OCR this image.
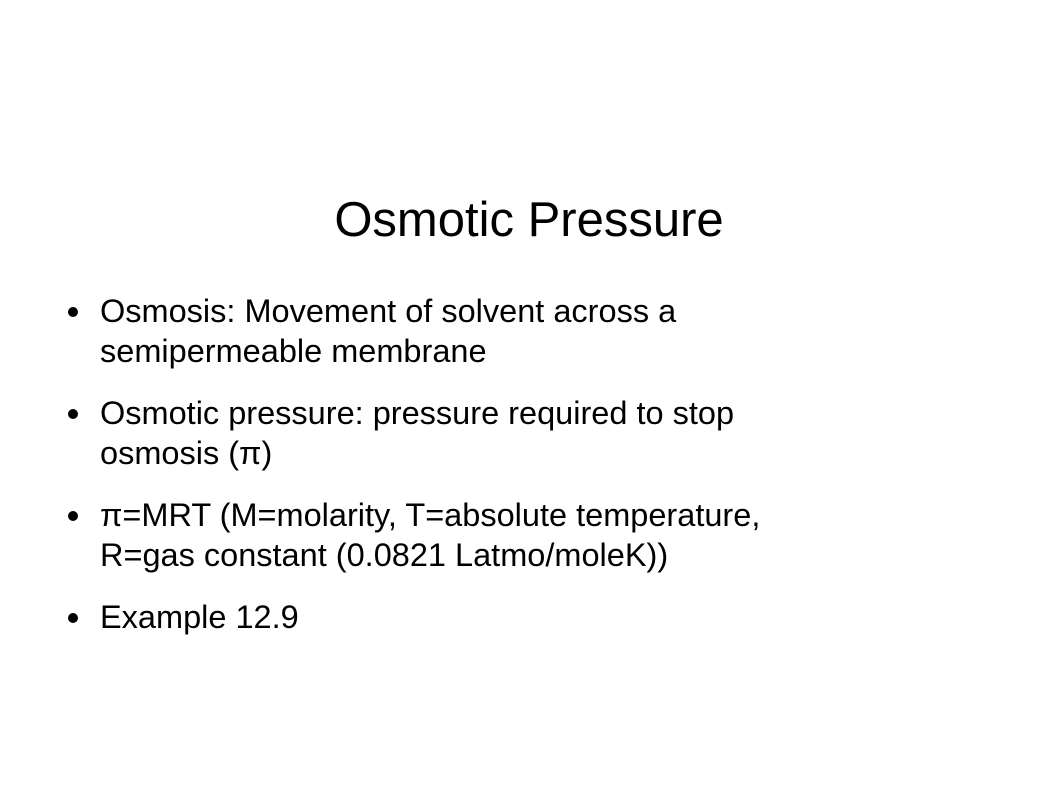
Osmotic Pressure
Osmosis: Movement of solvent across a
semipermeable membrane
Osmotic pressure: pressure required to stop
osmosis (π)
π=MRT (M=molarity, T=absolute temperature,
R=gas constant (0.0821 Latmo/moleK))
Example 12.9
